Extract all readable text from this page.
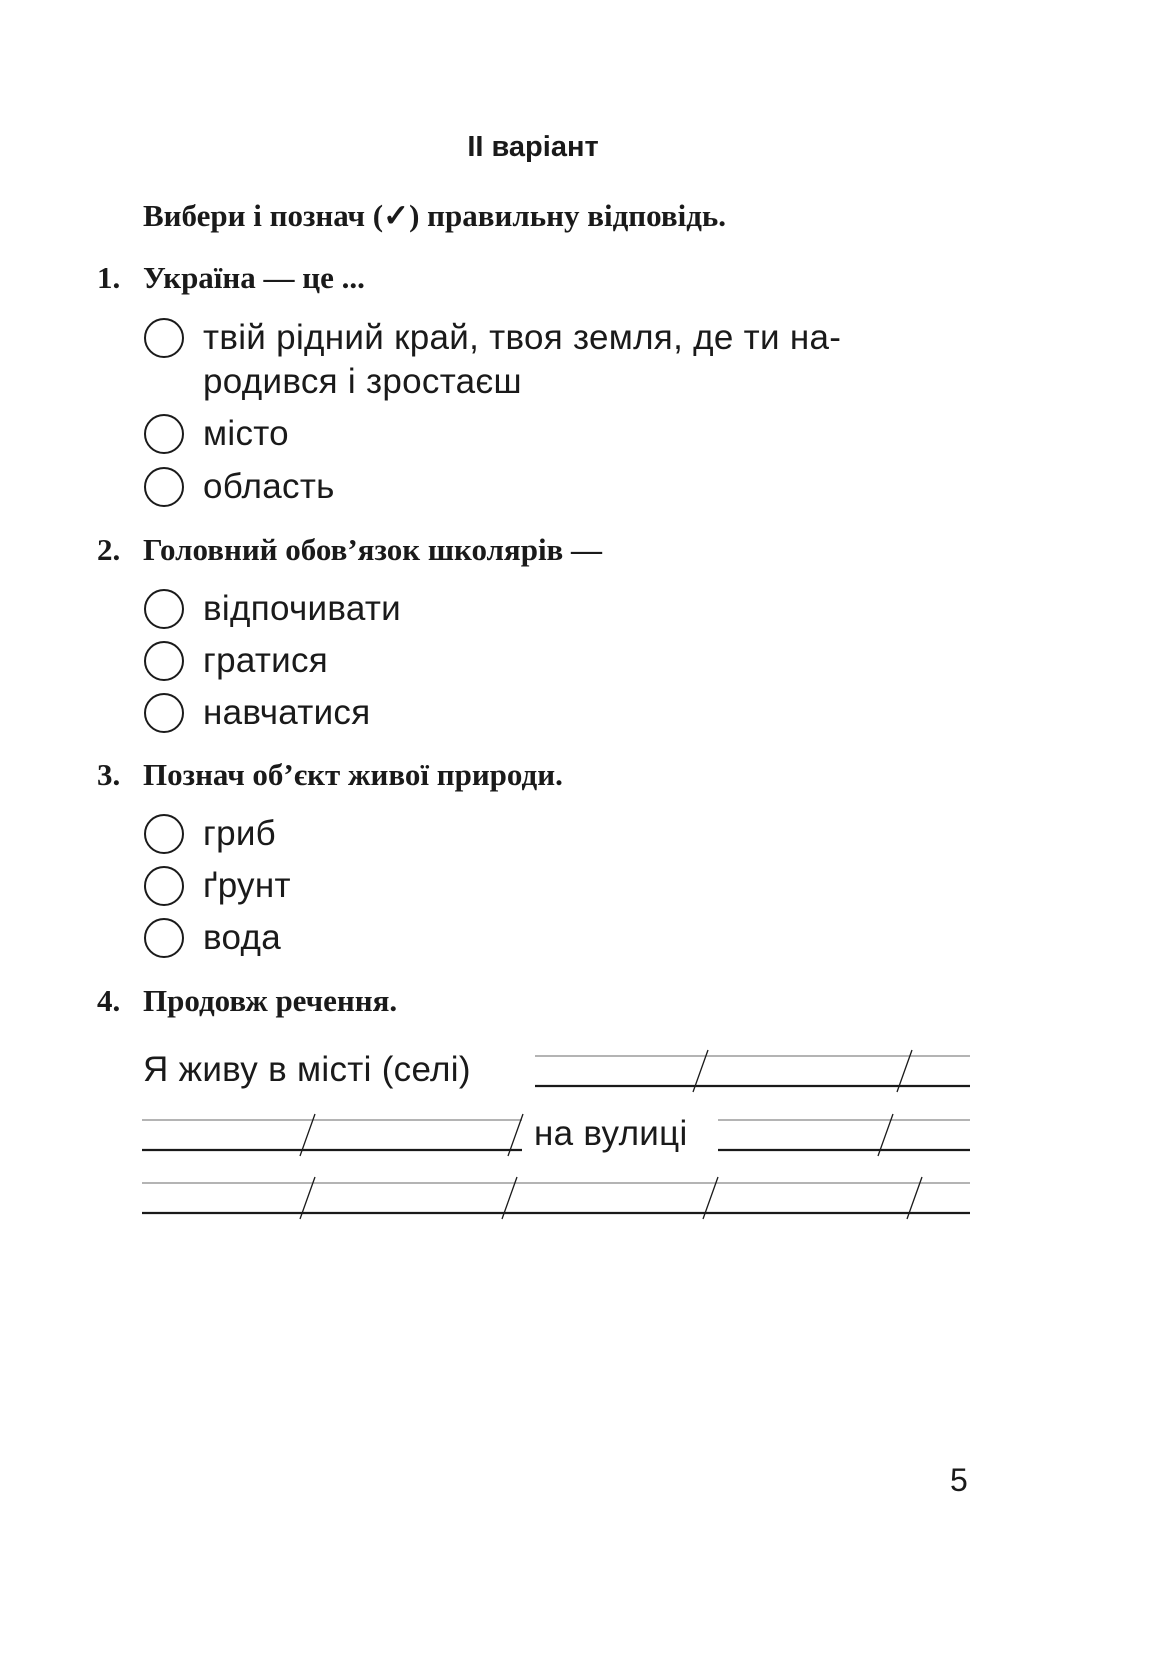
II варіант
Вибери і познач (✓) правильну відповідь.
1. Україна — це ...
твій рідний край, твоя земля, де ти на-
родився і зростаєш
місто
область
2. Головний обов’язок школярів —
відпочивати
гратися
навчатися
3. Познач об’єкт живої природи.
гриб
ґрунт
вода
4. Продовж речення.
Я живу в місті (селі)
на вулиці
5
